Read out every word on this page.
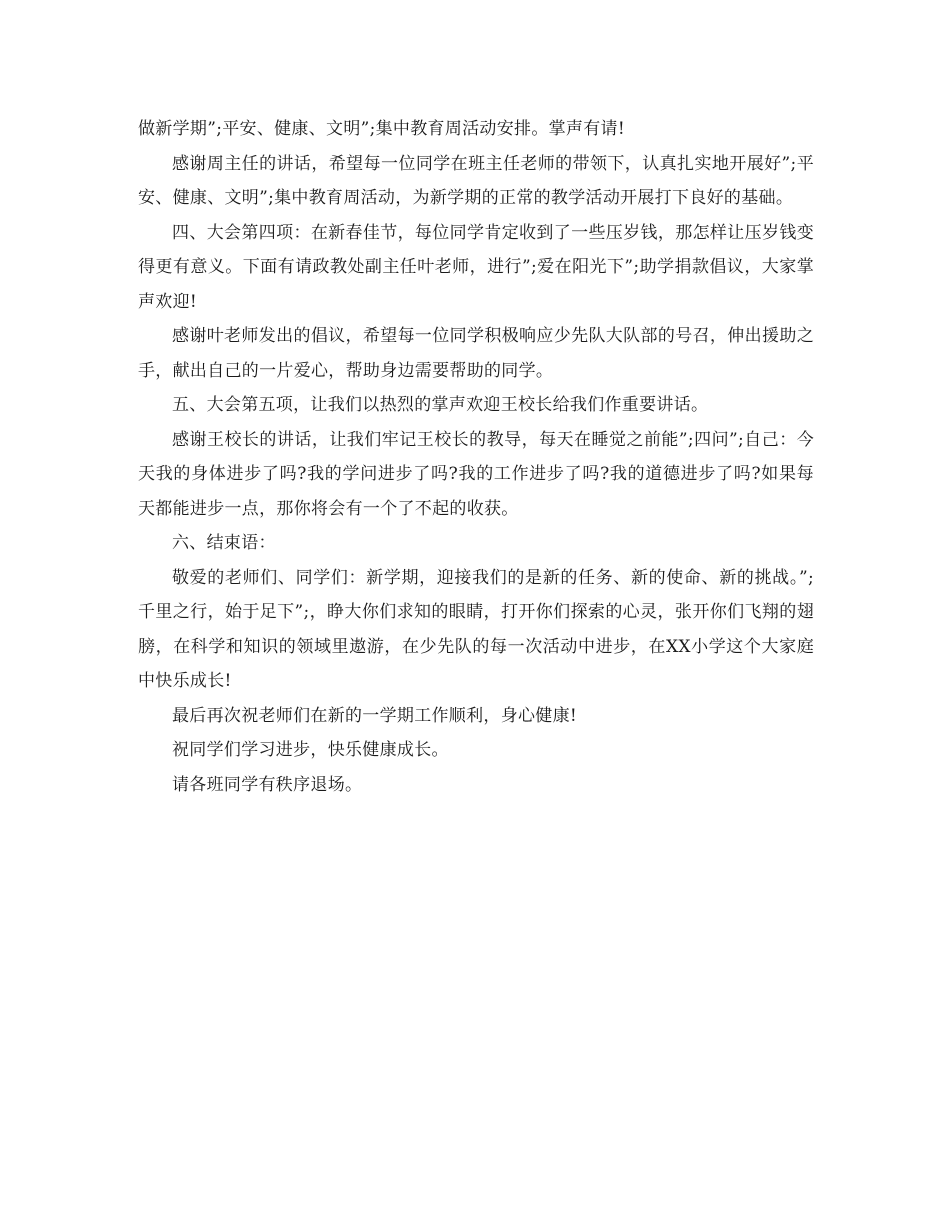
做新学期”;平安、健康、文明”;集中教育周活动安排。掌声有请!

感谢周主任的讲话，希望每一位同学在班主任老师的带领下，认真扎实地开展好”;平安、健康、文明”;集中教育周活动，为新学期的正常的教学活动开展打下良好的基础。

四、大会第四项：在新春佳节，每位同学肯定收到了一些压岁钱，那怎样让压岁钱变得更有意义。下面有请政教处副主任叶老师，进行”;爱在阳光下”;助学捐款倡议，大家掌声欢迎!

感谢叶老师发出的倡议，希望每一位同学积极响应少先队大队部的号召，伸出援助之手，献出自己的一片爱心，帮助身边需要帮助的同学。

五、大会第五项，让我们以热烈的掌声欢迎王校长给我们作重要讲话。

感谢王校长的讲话，让我们牢记王校长的教导，每天在睡觉之前能”;四问”;自己：今天我的身体进步了吗?我的学问进步了吗?我的工作进步了吗?我的道德进步了吗?如果每天都能进步一点，那你将会有一个了不起的收获。

六、结束语：

敬爱的老师们、同学们：新学期，迎接我们的是新的任务、新的使命、新的挑战。”;千里之行，始于足下”;，睁大你们求知的眼睛，打开你们探索的心灵，张开你们飞翔的翅膀，在科学和知识的领域里遨游，在少先队的每一次活动中进步，在XX小学这个大家庭中快乐成长!

最后再次祝老师们在新的一学期工作顺利，身心健康!

祝同学们学习进步，快乐健康成长。

请各班同学有秩序退场。
